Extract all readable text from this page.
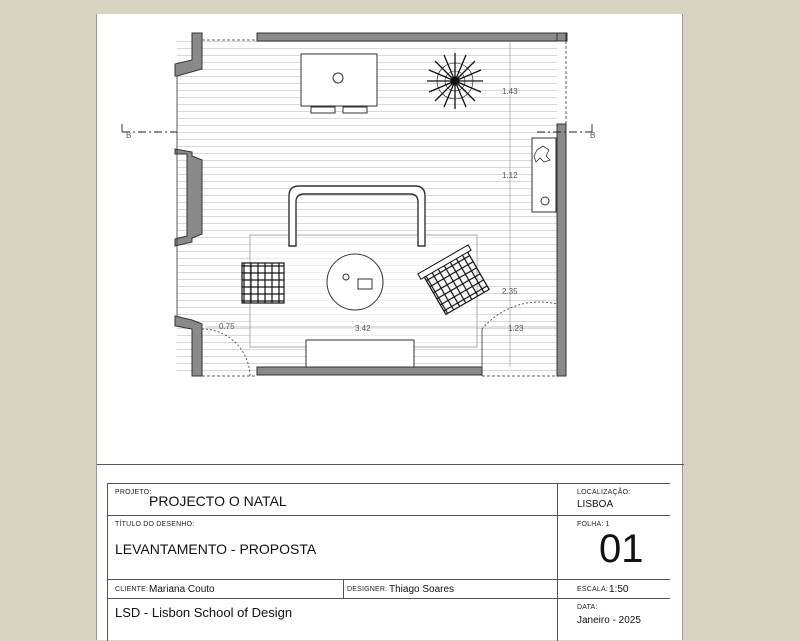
B	B
1.43
1.12
2.35
0.75	3.42	1.23
PROJETO:
PROJECTO O NATAL
LOCALIZAÇÃO:
LISBOA
TÍTULO DO DESENHO:
LEVANTAMENTO - PROPOSTA
FOLHA: 1
01
CLIENTE: Mariana Couto	DESIGNER: Thiago Soares	ESCALA: 1:50
LSD - Lisbon School of Design	DATA:
Janeiro - 2025
